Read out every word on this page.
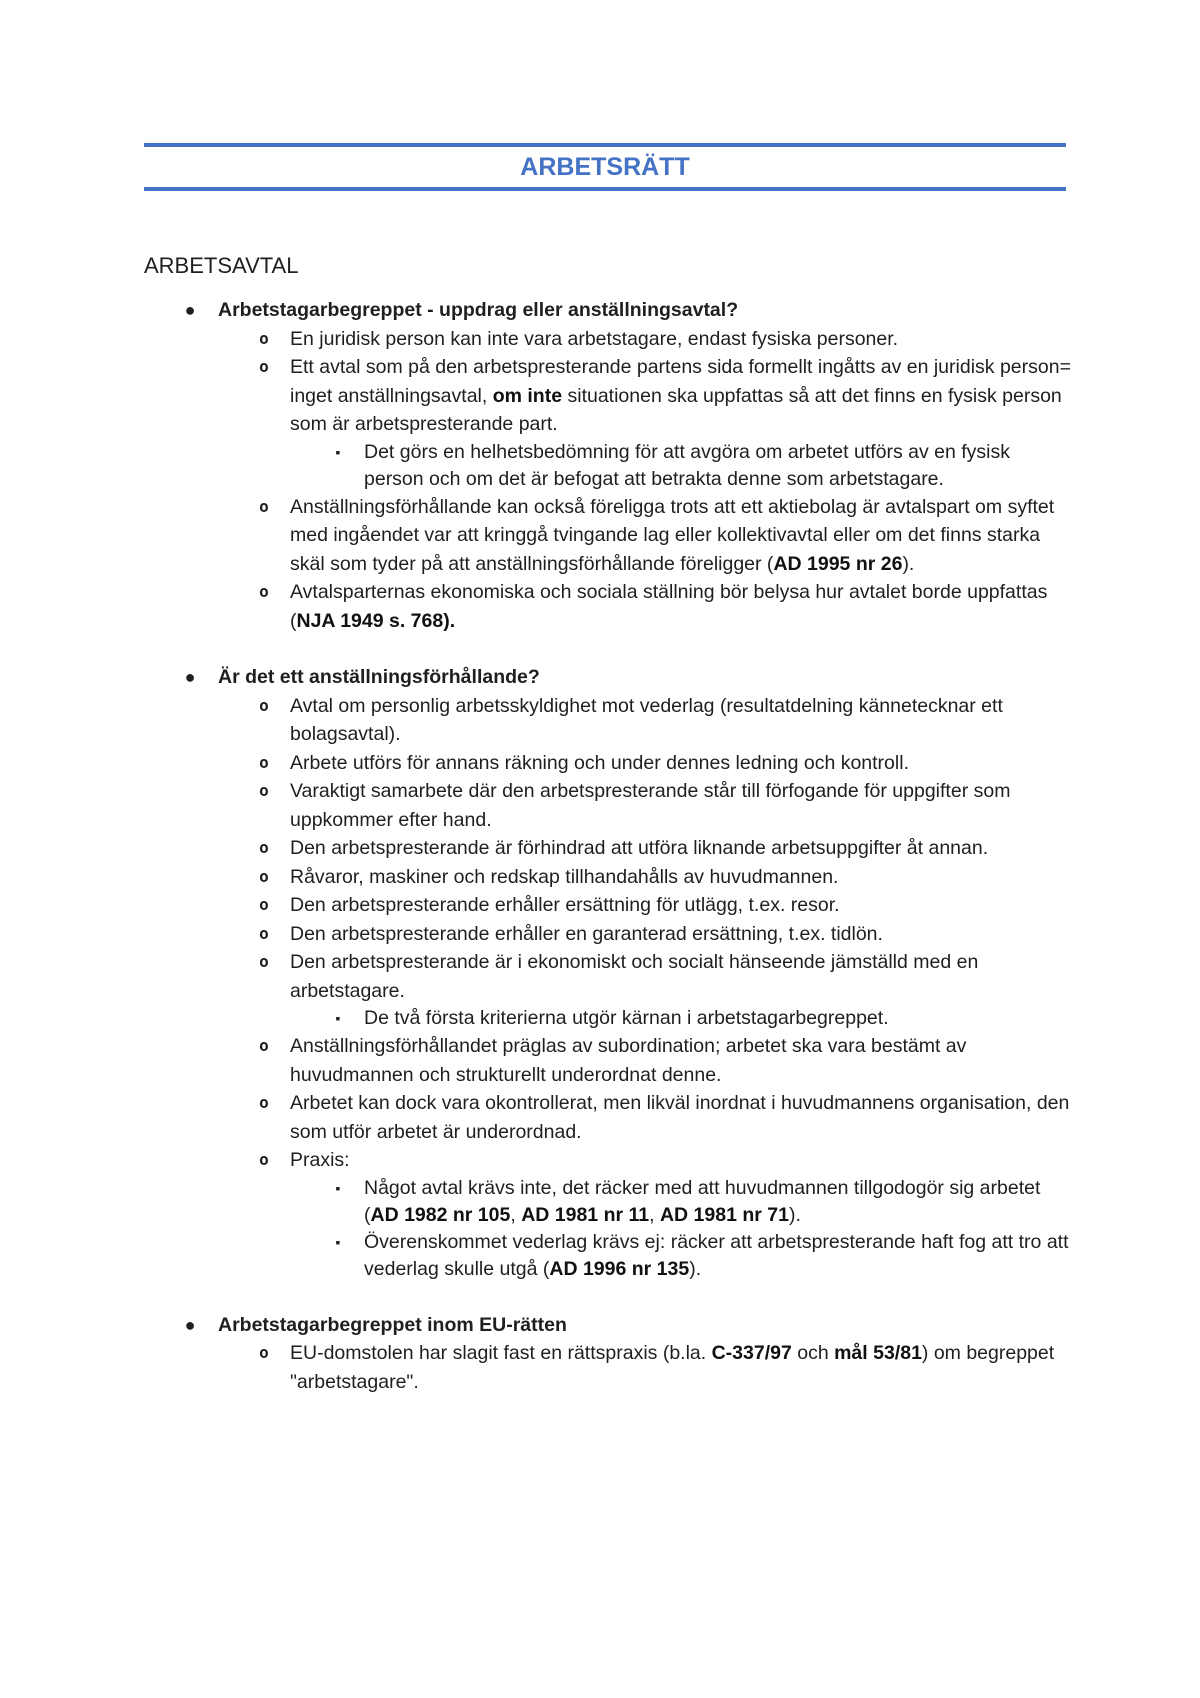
ARBETSRÄTT
ARBETSAVTAL
● Arbetstagarbegreppet - uppdrag eller anställningsavtal?
o En juridisk person kan inte vara arbetstagare, endast fysiska personer.
o Ett avtal som på den arbetspresterande partens sida formellt ingåtts av en juridisk person= inget anställningsavtal, om inte situationen ska uppfattas så att det finns en fysisk person som är arbetspresterande part.
▪	Det görs en helhetsbedömning för att avgöra om arbetet utförs av en fysisk person och om det är befogat att betrakta denne som arbetstagare.
o Anställningsförhållande kan också föreligga trots att ett aktiebolag är avtalspart om syftet med ingåendet var att kringgå tvingande lag eller kollektivavtal eller om det finns starka skäl som tyder på att anställningsförhållande föreligger (AD 1995 nr 26).
o Avtalsparternas ekonomiska och sociala ställning bör belysa hur avtalet borde uppfattas (NJA 1949 s. 768).
● Är det ett anställningsförhållande?
o Avtal om personlig arbetsskyldighet mot vederlag (resultatdelning kännetecknar ett bolagsavtal).
o Arbete utförs för annans räkning och under dennes ledning och kontroll.
o Varaktigt samarbete där den arbetspresterande står till förfogande för uppgifter som uppkommer efter hand.
o Den arbetspresterande är förhindrad att utföra liknande arbetsuppgifter åt annan.
o Råvaror, maskiner och redskap tillhandahålls av huvudmannen.
o Den arbetspresterande erhåller ersättning för utlägg, t.ex. resor.
o Den arbetspresterande erhåller en garanterad ersättning, t.ex. tidlön.
o Den arbetspresterande är i ekonomiskt och socialt hänseende jämställd med en arbetstagare.
▪	De två första kriterierna utgör kärnan i arbetstagarbegreppet.
o Anställningsförhållandet präglas av subordination; arbetet ska vara bestämt av huvudmannen och strukturellt underordnat denne.
o Arbetet kan dock vara okontrollerat, men likväl inordnat i huvudmannens organisation, den som utför arbetet är underordnad.
o Praxis:
▪	Något avtal krävs inte, det räcker med att huvudmannen tillgodogör sig arbetet (AD 1982 nr 105, AD 1981 nr 11, AD 1981 nr 71).
▪	Överenskommet vederlag krävs ej: räcker att arbetspresterande haft fog att tro att vederlag skulle utgå (AD 1996 nr 135).
● Arbetstagarbegreppet inom EU-rätten
o EU-domstolen har slagit fast en rättspraxis (b.la. C-337/97 och mål 53/81) om begreppet "arbetstagare".
